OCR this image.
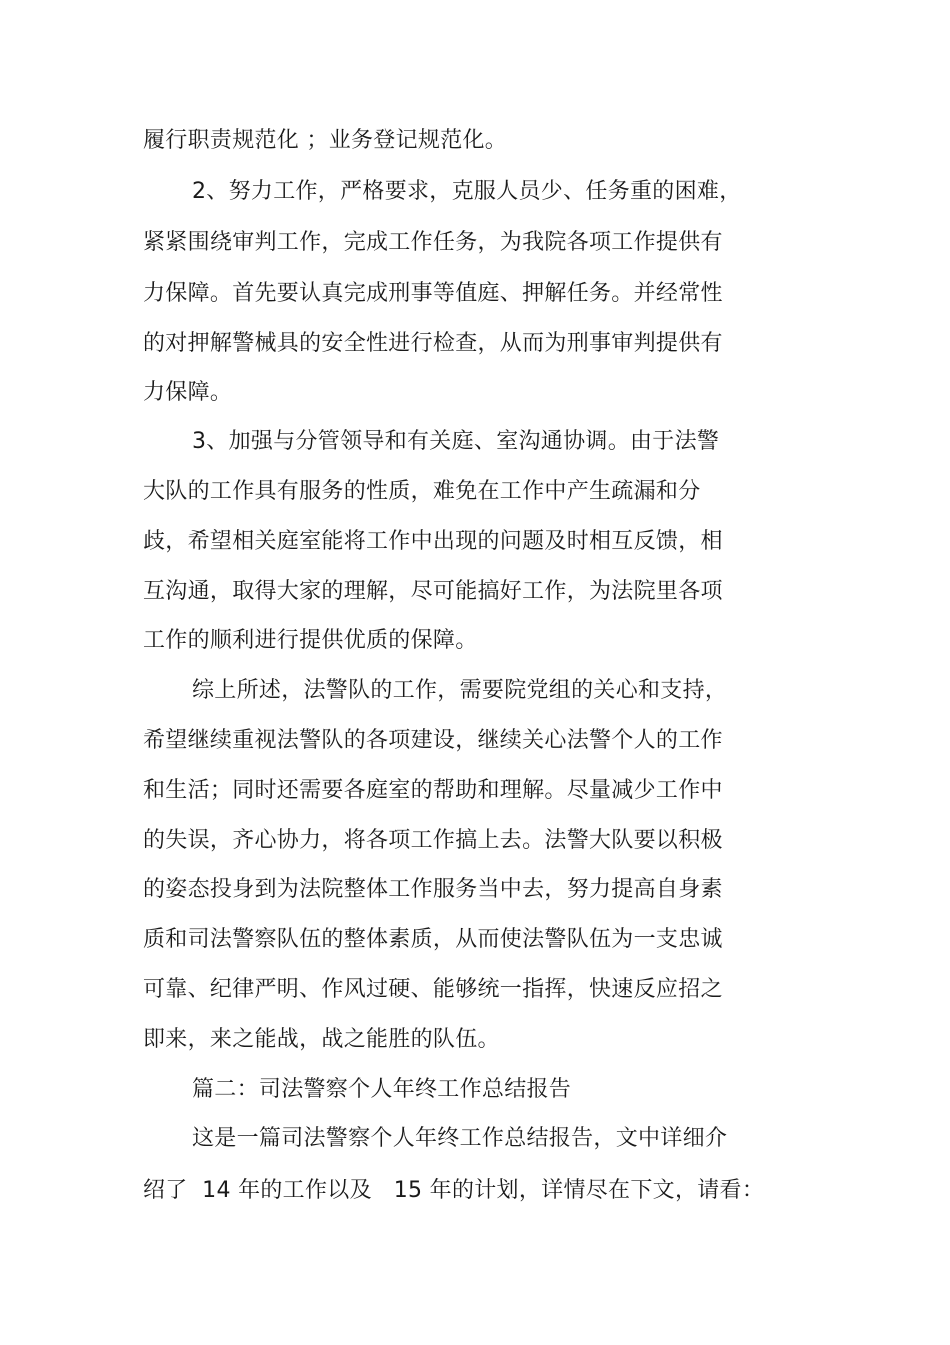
履行职责规范化 ；业务登记规范化。
2、努力工作，严格要求，克服人员少、任务重的困难，
紧紧围绕审判工作，完成工作任务，为我院各项工作提供有
力保障。首先要认真完成刑事等值庭、押解任务。并经常性
的对押解警械具的安全性进行检查，从而为刑事审判提供有
力保障。
3、加强与分管领导和有关庭、室沟通协调。由于法警
大队的工作具有服务的性质，难免在工作中产生疏漏和分
歧，希望相关庭室能将工作中出现的问题及时相互反馈，相
互沟通，取得大家的理解，尽可能搞好工作，为法院里各项
工作的顺利进行提供优质的保障。
综上所述，法警队的工作，需要院党组的关心和支持，
希望继续重视法警队的各项建设，继续关心法警个人的工作
和生活；同时还需要各庭室的帮助和理解。尽量减少工作中
的失误，齐心协力，将各项工作搞上去。法警大队要以积极
的姿态投身到为法院整体工作服务当中去，努力提高自身素
质和司法警察队伍的整体素质，从而使法警队伍为一支忠诚
可靠、纪律严明、作风过硬、能够统一指挥，快速反应招之
即来，来之能战，战之能胜的队伍。
篇二：司法警察个人年终工作总结报告
这是一篇司法警察个人年终工作总结报告，文中详细介
绍了  14 年的工作以及   15 年的计划，详情尽在下文，请看：
